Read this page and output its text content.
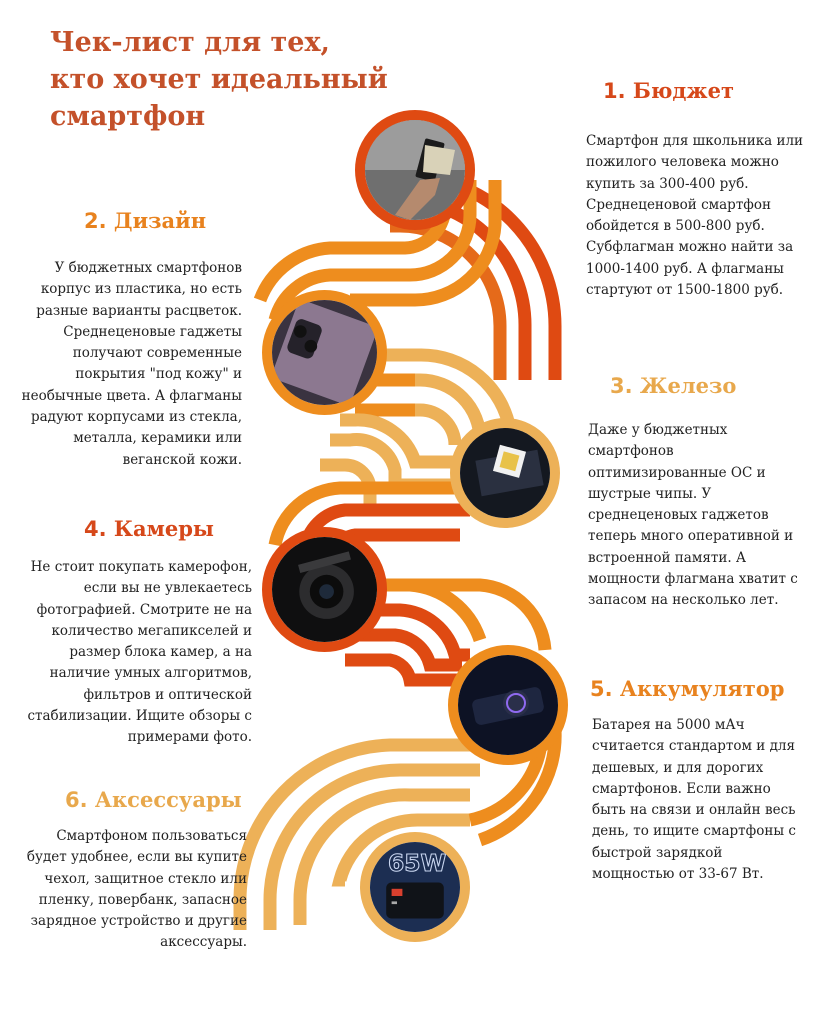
Чек-лист для тех, кто хочет идеальный смартфон
1. Бюджет

Смартфон для школьника или пожилого человека можно купить за 300-400 руб. Среднеценовой смартфон обойдется в 500-800 руб. Субфлагман можно найти за 1000-1400 руб. А флагманы стартуют от 1500-1800 руб.

2. Дизайн

У бюджетных смартфонов корпус из пластика, но есть разные варианты расцветок. Среднеценовые гаджеты получают современные покрытия "под кожу" и необычные цвета. А флагманы радуют корпусами из стекла, металла, керамики или веганской кожи.

3. Железо

Даже у бюджетных смартфонов оптимизированные ОС и шустрые чипы. У среднеценовых гаджетов теперь много оперативной и встроенной памяти. А мощности флагмана хватит с запасом на несколько лет.

4. Камеры

Не стоит покупать камерофон, если вы не увлекаетесь фотографией. Смотрите не на количество мегапикселей и размер блока камер, а на наличие умных алгоритмов, фильтров и оптической стабилизации. Ищите обзоры с примерами фото.

5. Аккумулятор

Батарея на 5000 мАч считается стандартом и для дешевых, и для дорогих смартфонов. Если важно быть на связи и онлайн весь день, то ищите смартфоны с быстрой зарядкой мощностью от 33-67 Вт.

6. Аксессуары

Смартфоном пользоваться будет удобнее, если вы купите чехол, защитное стекло или пленку, повербанк, запасное зарядное устройство и другие аксессуары.

65W
